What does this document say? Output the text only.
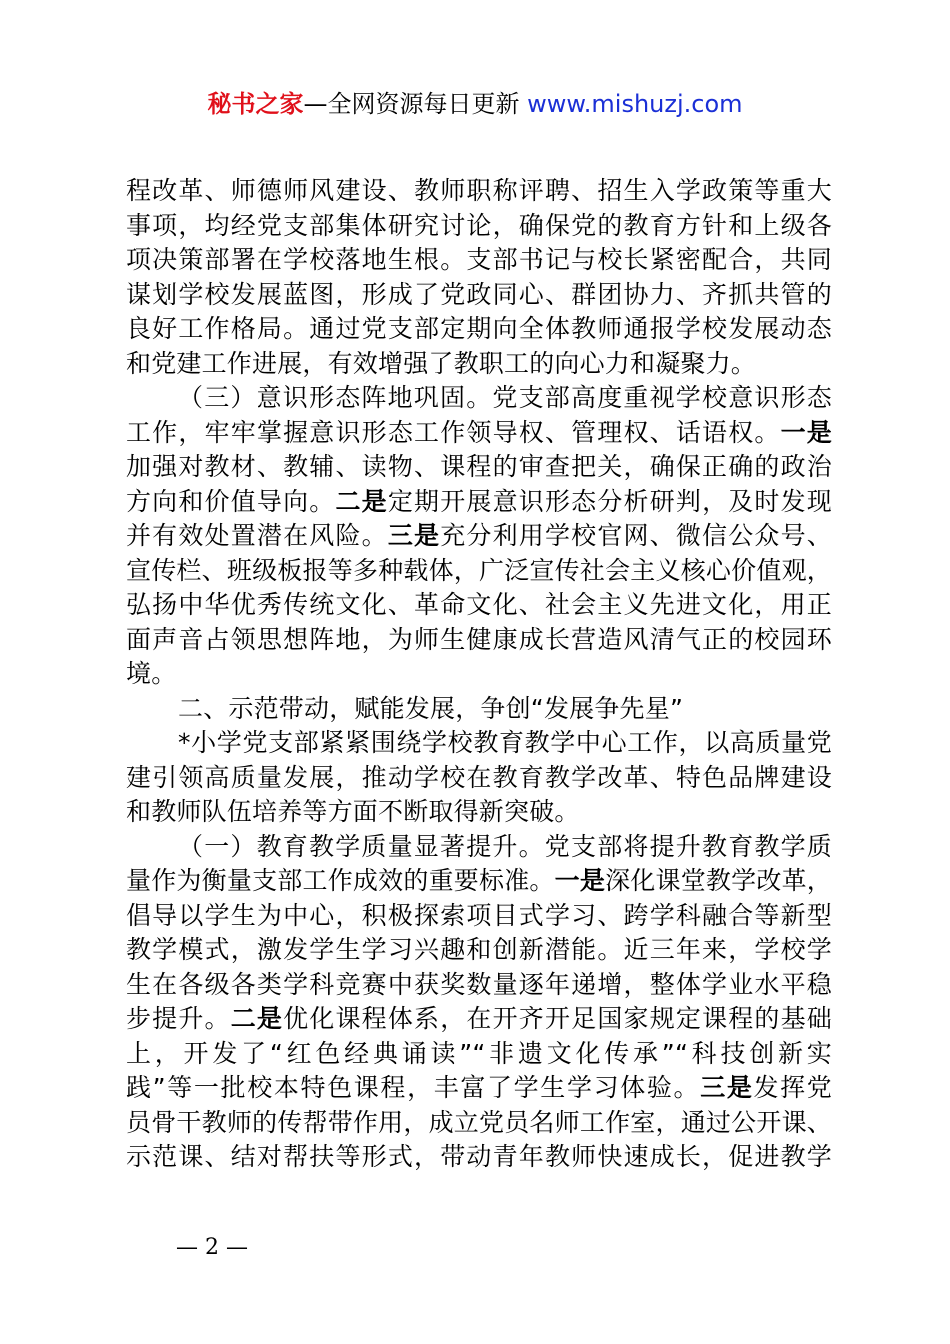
秘书之家—全网资源每日更新 www.mishuzj.com
程改革、师德师风建设、教师职称评聘、招生入学政策等重大
事项，均经党支部集体研究讨论，确保党的教育方针和上级各
项决策部署在学校落地生根。支部书记与校长紧密配合，共同
谋划学校发展蓝图，形成了党政同心、群团协力、齐抓共管的
良好工作格局。通过党支部定期向全体教师通报学校发展动态
和党建工作进展，有效增强了教职工的向心力和凝聚力。
（三）意识形态阵地巩固。党支部高度重视学校意识形态
工作，牢牢掌握意识形态工作领导权、管理权、话语权。一是
加强对教材、教辅、读物、课程的审查把关，确保正确的政治
方向和价值导向。二是定期开展意识形态分析研判，及时发现
并有效处置潜在风险。三是充分利用学校官网、微信公众号、
宣传栏、班级板报等多种载体，广泛宣传社会主义核心价值观，
弘扬中华优秀传统文化、革命文化、社会主义先进文化，用正
面声音占领思想阵地，为师生健康成长营造风清气正的校园环
境。
二、示范带动，赋能发展，争创“发展争先星”
*小学党支部紧紧围绕学校教育教学中心工作，以高质量党
建引领高质量发展，推动学校在教育教学改革、特色品牌建设
和教师队伍培养等方面不断取得新突破。
（一）教育教学质量显著提升。党支部将提升教育教学质
量作为衡量支部工作成效的重要标准。一是深化课堂教学改革，
倡导以学生为中心，积极探索项目式学习、跨学科融合等新型
教学模式，激发学生学习兴趣和创新潜能。近三年来，学校学
生在各级各类学科竞赛中获奖数量逐年递增，整体学业水平稳
步提升。二是优化课程体系，在开齐开足国家规定课程的基础
上，开发了“红色经典诵读”“非遗文化传承”“科技创新实
践”等一批校本特色课程，丰富了学生学习体验。三是发挥党
员骨干教师的传帮带作用，成立党员名师工作室，通过公开课、
示范课、结对帮扶等形式，带动青年教师快速成长，促进教学
— 2 —
